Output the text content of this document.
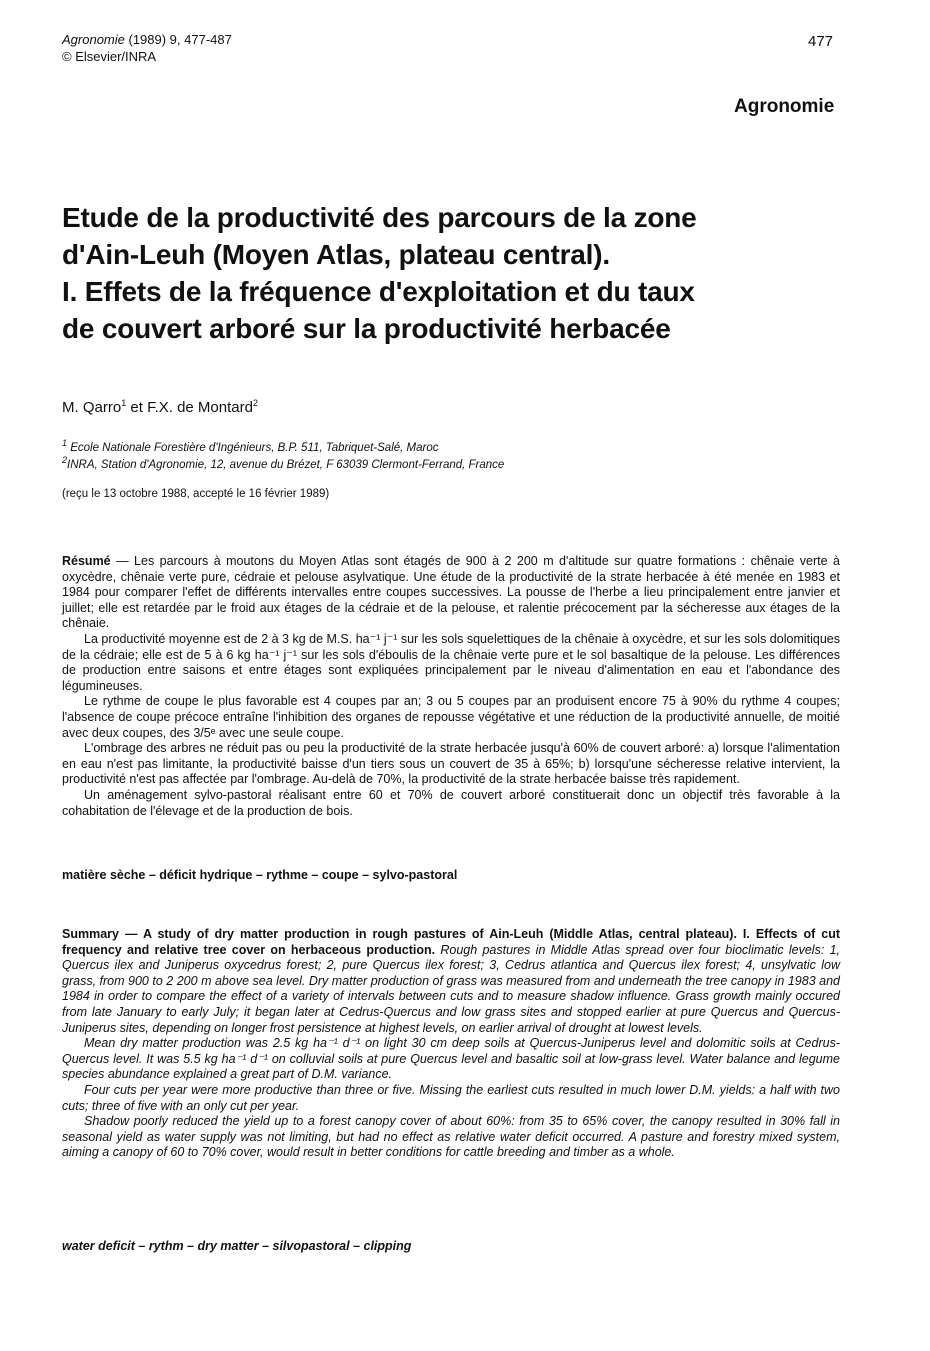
Agronomie (1989) 9, 477-487
© Elsevier/INRA
477
Agronomie
Etude de la productivité des parcours de la zone
d'Ain-Leuh (Moyen Atlas, plateau central).
I. Effets de la fréquence d'exploitation et du taux
de couvert arboré sur la productivité herbacée
M. Qarro$^1$ et F.X. de Montard$^2$
$^1$ Ecole Nationale Forestière d'Ingénieurs, B.P. 511, Tabriquet-Salé, Maroc
$^2$INRA, Station d'Agronomie, 12, avenue du Brézet, F 63039 Clermont-Ferrand, France
(reçu le 13 octobre 1988, accepté le 16 février 1989)

Résumé — Les parcours à moutons du Moyen Atlas sont étagés de 900 à 2 200 m d'altitude sur quatre formations : chênaie verte à oxycèdre, chênaie verte pure, cédraie et pelouse asylvatique. Une étude de la productivité de la strate herbacée à été menée en 1983 et 1984 pour comparer l'effet de différents intervalles entre coupes successives. La pousse de l'herbe a lieu principalement entre janvier et juillet; elle est retardée par le froid aux étages de la cédraie et de la pelouse, et ralentie précocement par la sécheresse aux étages de la chênaie.

La productivité moyenne est de 2 à 3 kg de M.S. ha⁻¹ j⁻¹ sur les sols squelettiques de la chênaie à oxycèdre, et sur les sols dolomitiques de la cédraie; elle est de 5 à 6 kg ha⁻¹ j⁻¹ sur les sols d'éboulis de la chênaie verte pure et le sol basaltique de la pelouse. Les différences de production entre saisons et entre étages sont expliquées principalement par le niveau d'alimentation en eau et l'abondance des légumineuses.

Le rythme de coupe le plus favorable est 4 coupes par an; 3 ou 5 coupes par an produisent encore 75 à 90% du rythme 4 coupes; l'absence de coupe précoce entraîne l'inhibition des organes de repousse végétative et une réduction de la productivité annuelle, de moitié avec deux coupes, des 3/5ᵉ avec une seule coupe.

L'ombrage des arbres ne réduit pas ou peu la productivité de la strate herbacée jusqu'à 60% de couvert arboré: a) lorsque l'alimentation en eau n'est pas limitante, la productivité baisse d'un tiers sous un couvert de 35 à 65%; b) lorsqu'une sécheresse relative intervient, la productivité n'est pas affectée par l'ombrage. Au-delà de 70%, la productivité de la strate herbacée baisse très rapidement.

Un aménagement sylvo-pastoral réalisant entre 60 et 70% de couvert arboré constituerait donc un objectif très favorable à la cohabitation de l'élevage et de la production de bois.

matière sèche – déficit hydrique – rythme – coupe – sylvo-pastoral

Summary — A study of dry matter production in rough pastures of Ain-Leuh (Middle Atlas, central plateau). I. Effects of cut frequency and relative tree cover on herbaceous production. Rough pastures in Middle Atlas spread over four bioclimatic levels: 1, Quercus ilex and Juniperus oxycedrus forest; 2, pure Quercus ilex forest; 3, Cedrus atlantica and Quercus ilex forest; 4, unsylvatic low grass, from 900 to 2 200 m above sea level. Dry matter production of grass was measured from and underneath the tree canopy in 1983 and 1984 in order to compare the effect of a variety of intervals between cuts and to measure shadow influence. Grass growth mainly occured from late January to early July; it began later at Cedrus-Quercus and low grass sites and stopped earlier at pure Quercus and Quercus-Juniperus sites, depending on longer frost persistence at highest levels, on earlier arrival of drought at lowest levels.

Mean dry matter production was 2.5 kg ha⁻¹ d⁻¹ on light 30 cm deep soils at Quercus-Juniperus level and dolomitic soils at Cedrus-Quercus level. It was 5.5 kg ha⁻¹ d⁻¹ on colluvial soils at pure Quercus level and basaltic soil at low-grass level. Water balance and legume species abundance explained a great part of D.M. variance.

Four cuts per year were more productive than three or five. Missing the earliest cuts resulted in much lower D.M. yields: a half with two cuts; three of five with an only cut per year.

Shadow poorly reduced the yield up to a forest canopy cover of about 60%: from 35 to 65% cover, the canopy resulted in 30% fall in seasonal yield as water supply was not limiting, but had no effect as relative water deficit occurred. A pasture and forestry mixed system, aiming a canopy of 60 to 70% cover, would result in better conditions for cattle breeding and timber as a whole.

water deficit – rythm – dry matter – silvopastoral – clipping
